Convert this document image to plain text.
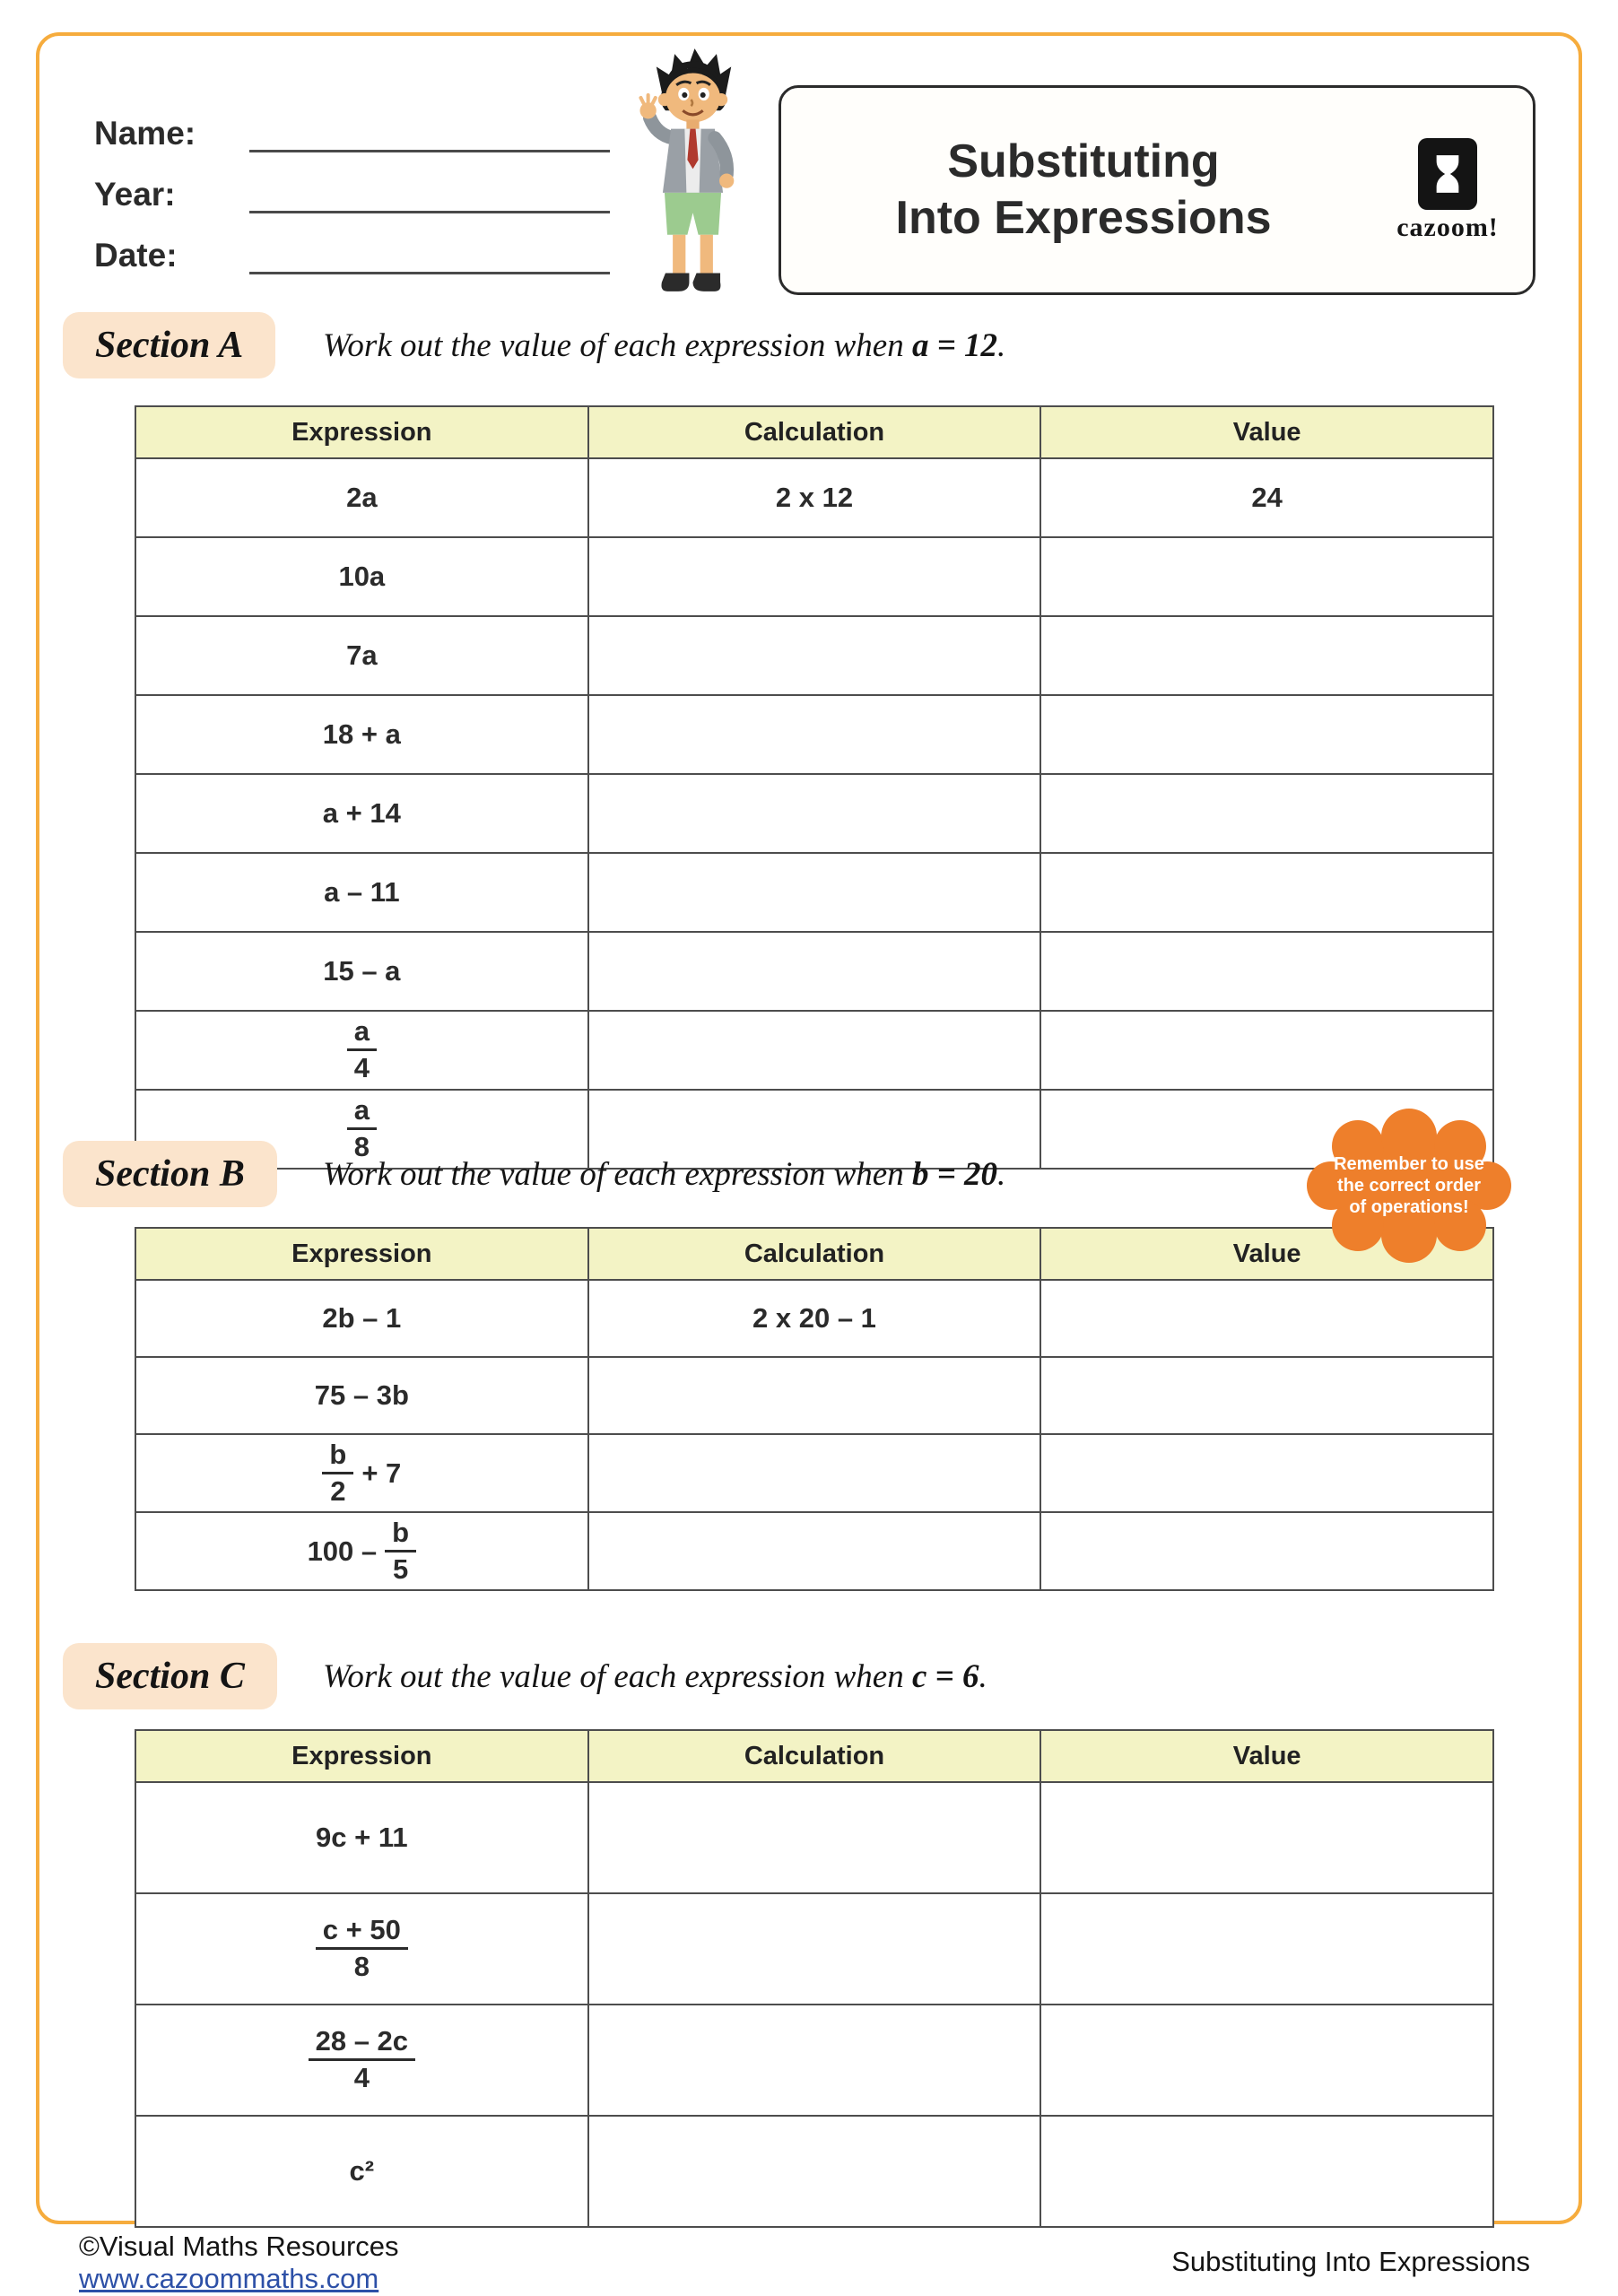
Name:
Year:
Date:
Substituting
Into Expressions	cazoom!
Section A Work out the value of each expression when a = 12 .
Expression	Calculation	Value

2a	2 x 12	24

10a		

7a		

18 + a		

a + 14		

a – 11		

15 – a		

$\frac{a}{4}$

$\frac{a}{8}$

Section B Work out the value of each expression when b = 20 .	Remember to use
the correct order
of operations!
Expression	Calculation	Value

2b – 1	2 x 20 – 1	

75 – 3b		

$\frac{b}{2} + 7$		

$100 - \frac{b}{5}$

Section C Work out the value of each expression when c = 6 .
Expression	Calculation	Value

9c + 11		

$\frac{c + 50}{8}$

$\frac{28 - 2c}{4}$

c²		

©Visual Maths Resources
www.cazoommaths.com
Substituting Into Expressions
